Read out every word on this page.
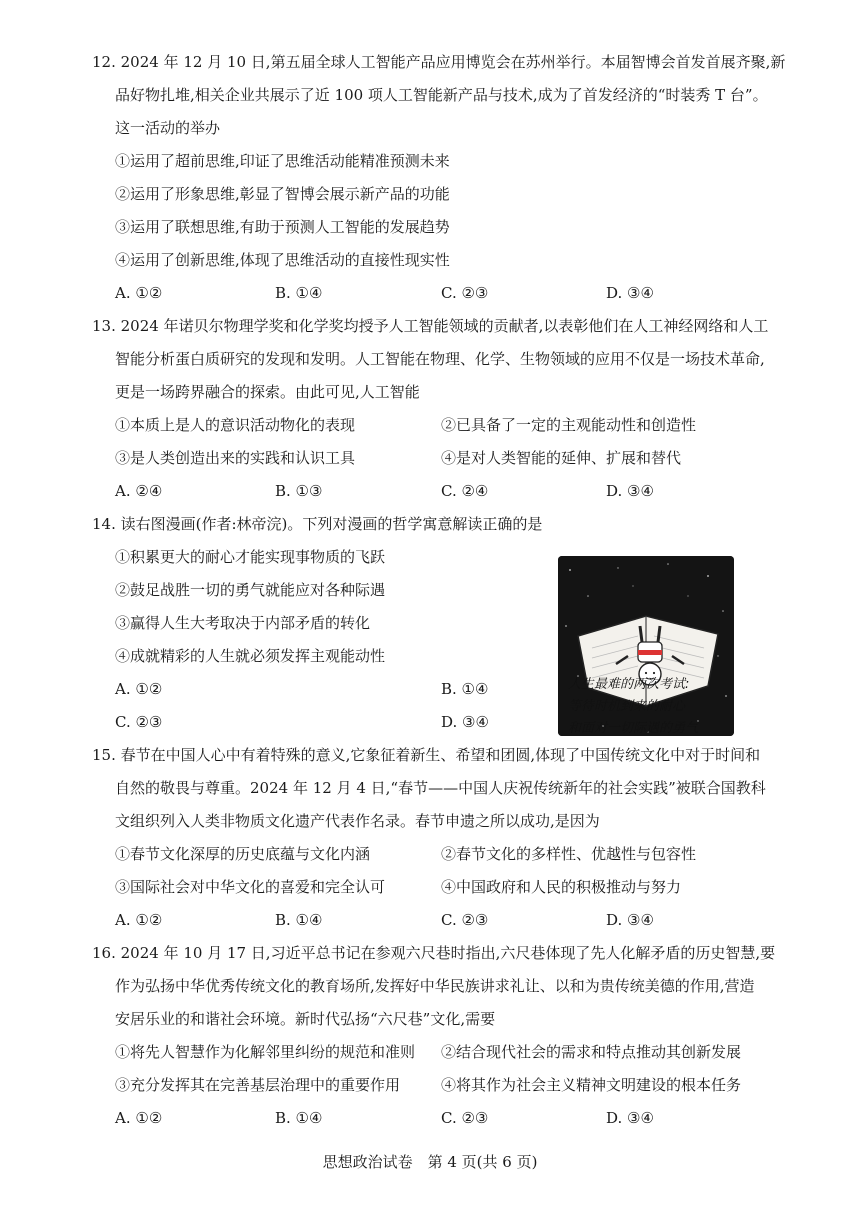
12. 2024 年 12 月 10 日,第五届全球人工智能产品应用博览会在苏州举行。本届智博会首发首展齐聚,新
品好物扎堆,相关企业共展示了近 100 项人工智能新产品与技术,成为了首发经济的“时装秀 T 台”。
这一活动的举办
①运用了超前思维,印证了思维活动能精准预测未来
②运用了形象思维,彰显了智博会展示新产品的功能
③运用了联想思维,有助于预测人工智能的发展趋势
④运用了创新思维,体现了思维活动的直接性现实性
A. ①②	B. ①④	C. ②③	D. ③④
13. 2024 年诺贝尔物理学奖和化学奖均授予人工智能领域的贡献者,以表彰他们在人工神经网络和人工
智能分析蛋白质研究的发现和发明。人工智能在物理、化学、生物领域的应用不仅是一场技术革命,
更是一场跨界融合的探索。由此可见,人工智能
①本质上是人的意识活动物化的表现	②已具备了一定的主观能动性和创造性
③是人类创造出来的实践和认识工具	④是对人类智能的延伸、扩展和替代
A. ②④	B. ①③	C. ②④	D. ③④
14. 读右图漫画(作者:林帝浣)。下列对漫画的哲学寓意解读正确的是
①积累更大的耐心才能实现事物质的飞跃
②鼓足战胜一切的勇气就能应对各种际遇
③赢得人生大考取决于内部矛盾的转化
④成就精彩的人生就必须发挥主观能动性
A. ①②	B. ①④
C. ②③	D. ③④
人生最难的两次考试:
等待时机到来的耐心
和面对一切际遇的勇气
15. 春节在中国人心中有着特殊的意义,它象征着新生、希望和团圆,体现了中国传统文化中对于时间和
自然的敬畏与尊重。2024 年 12 月 4 日,“春节——中国人庆祝传统新年的社会实践”被联合国教科
文组织列入人类非物质文化遗产代表作名录。春节申遗之所以成功,是因为
①春节文化深厚的历史底蕴与文化内涵	②春节文化的多样性、优越性与包容性
③国际社会对中华文化的喜爱和完全认可	④中国政府和人民的积极推动与努力
A. ①②	B. ①④	C. ②③	D. ③④
16. 2024 年 10 月 17 日,习近平总书记在参观六尺巷时指出,六尺巷体现了先人化解矛盾的历史智慧,要
作为弘扬中华优秀传统文化的教育场所,发挥好中华民族讲求礼让、以和为贵传统美德的作用,营造
安居乐业的和谐社会环境。新时代弘扬“六尺巷”文化,需要
①将先人智慧作为化解邻里纠纷的规范和准则 ②结合现代社会的需求和特点推动其创新发展
③充分发挥其在完善基层治理中的重要作用	④将其作为社会主义精神文明建设的根本任务
A. ①②	B. ①④	C. ②③	D. ③④
思想政治试卷　第 4 页(共 6 页)
